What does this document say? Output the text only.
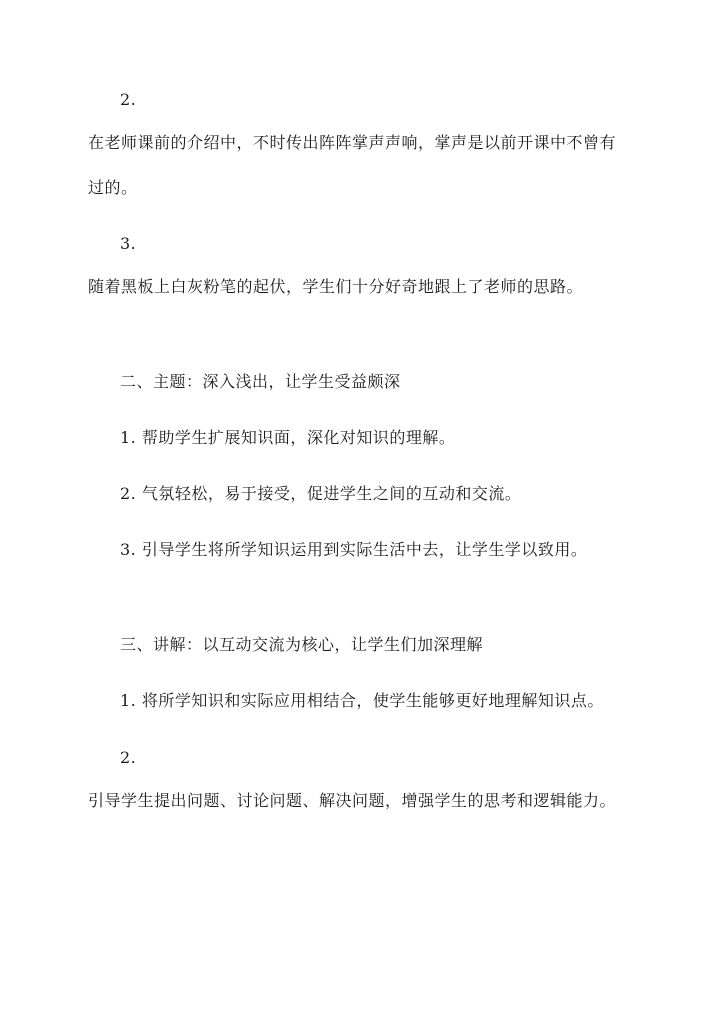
2.
在老师课前的介绍中，不时传出阵阵掌声声响，掌声是以前开课中不曾有
过的。
3.
随着黑板上白灰粉笔的起伏，学生们十分好奇地跟上了老师的思路。
二、主题：深入浅出，让学生受益颇深
1. 帮助学生扩展知识面，深化对知识的理解。
2. 气氛轻松，易于接受，促进学生之间的互动和交流。
3. 引导学生将所学知识运用到实际生活中去，让学生学以致用。
三、讲解：以互动交流为核心，让学生们加深理解
1. 将所学知识和实际应用相结合，使学生能够更好地理解知识点。
2.
引导学生提出问题、讨论问题、解决问题，增强学生的思考和逻辑能力。
